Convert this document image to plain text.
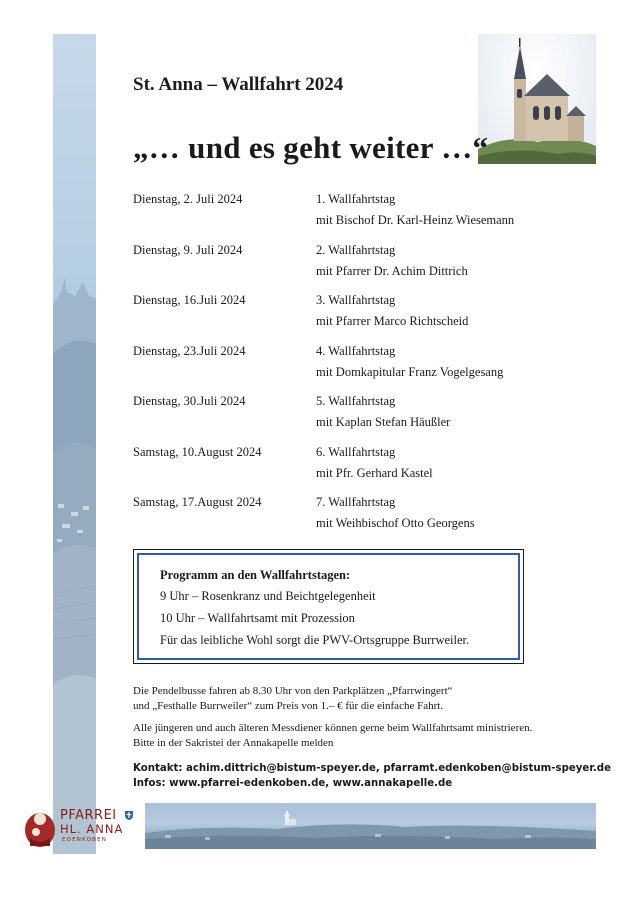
St. Anna – Wallfahrt 2024
„… und es geht weiter …“
Dienstag, 2. Juli 2024	1. Wallfahrtstag
mit Bischof Dr. Karl-Heinz Wiesemann
Dienstag, 9. Juli 2024	2. Wallfahrtstag
mit Pfarrer Dr. Achim Dittrich
Dienstag, 16.Juli 2024	3. Wallfahrtstag
mit Pfarrer Marco Richtscheid
Dienstag, 23.Juli 2024	4. Wallfahrtstag
mit Domkapitular Franz Vogelgesang
Dienstag, 30.Juli 2024	5. Wallfahrtstag
mit Kaplan Stefan Häußler
Samstag, 10.August 2024	6. Wallfahrtstag
mit Pfr. Gerhard Kastel
Samstag, 17.August 2024	7. Wallfahrtstag
mit Weihbischof Otto Georgens
Programm an den Wallfahrtstagen:
9 Uhr – Rosenkranz und Beichtgelegenheit
10 Uhr – Wallfahrtsamt mit Prozession
Für das leibliche Wohl sorgt die PWV-Ortsgruppe Burrweiler.
Die Pendelbusse fahren ab 8.30 Uhr von den Parkplätzen „Pfarrwingert“
und „Festhalle Burrweiler“ zum Preis von 1.– € für die einfache Fahrt.
Alle jüngeren und auch älteren Messdiener können gerne beim Wallfahrtsamt ministrieren.
Bitte in der Sakristei der Annakapelle melden
Kontakt: achim.dittrich@bistum-speyer.de, pfarramt.edenkoben@bistum-speyer.de
Infos: www.pfarrei-edenkoben.de, www.annakapelle.de
PFARREI
HL. ANNA
EDENKOBEN
